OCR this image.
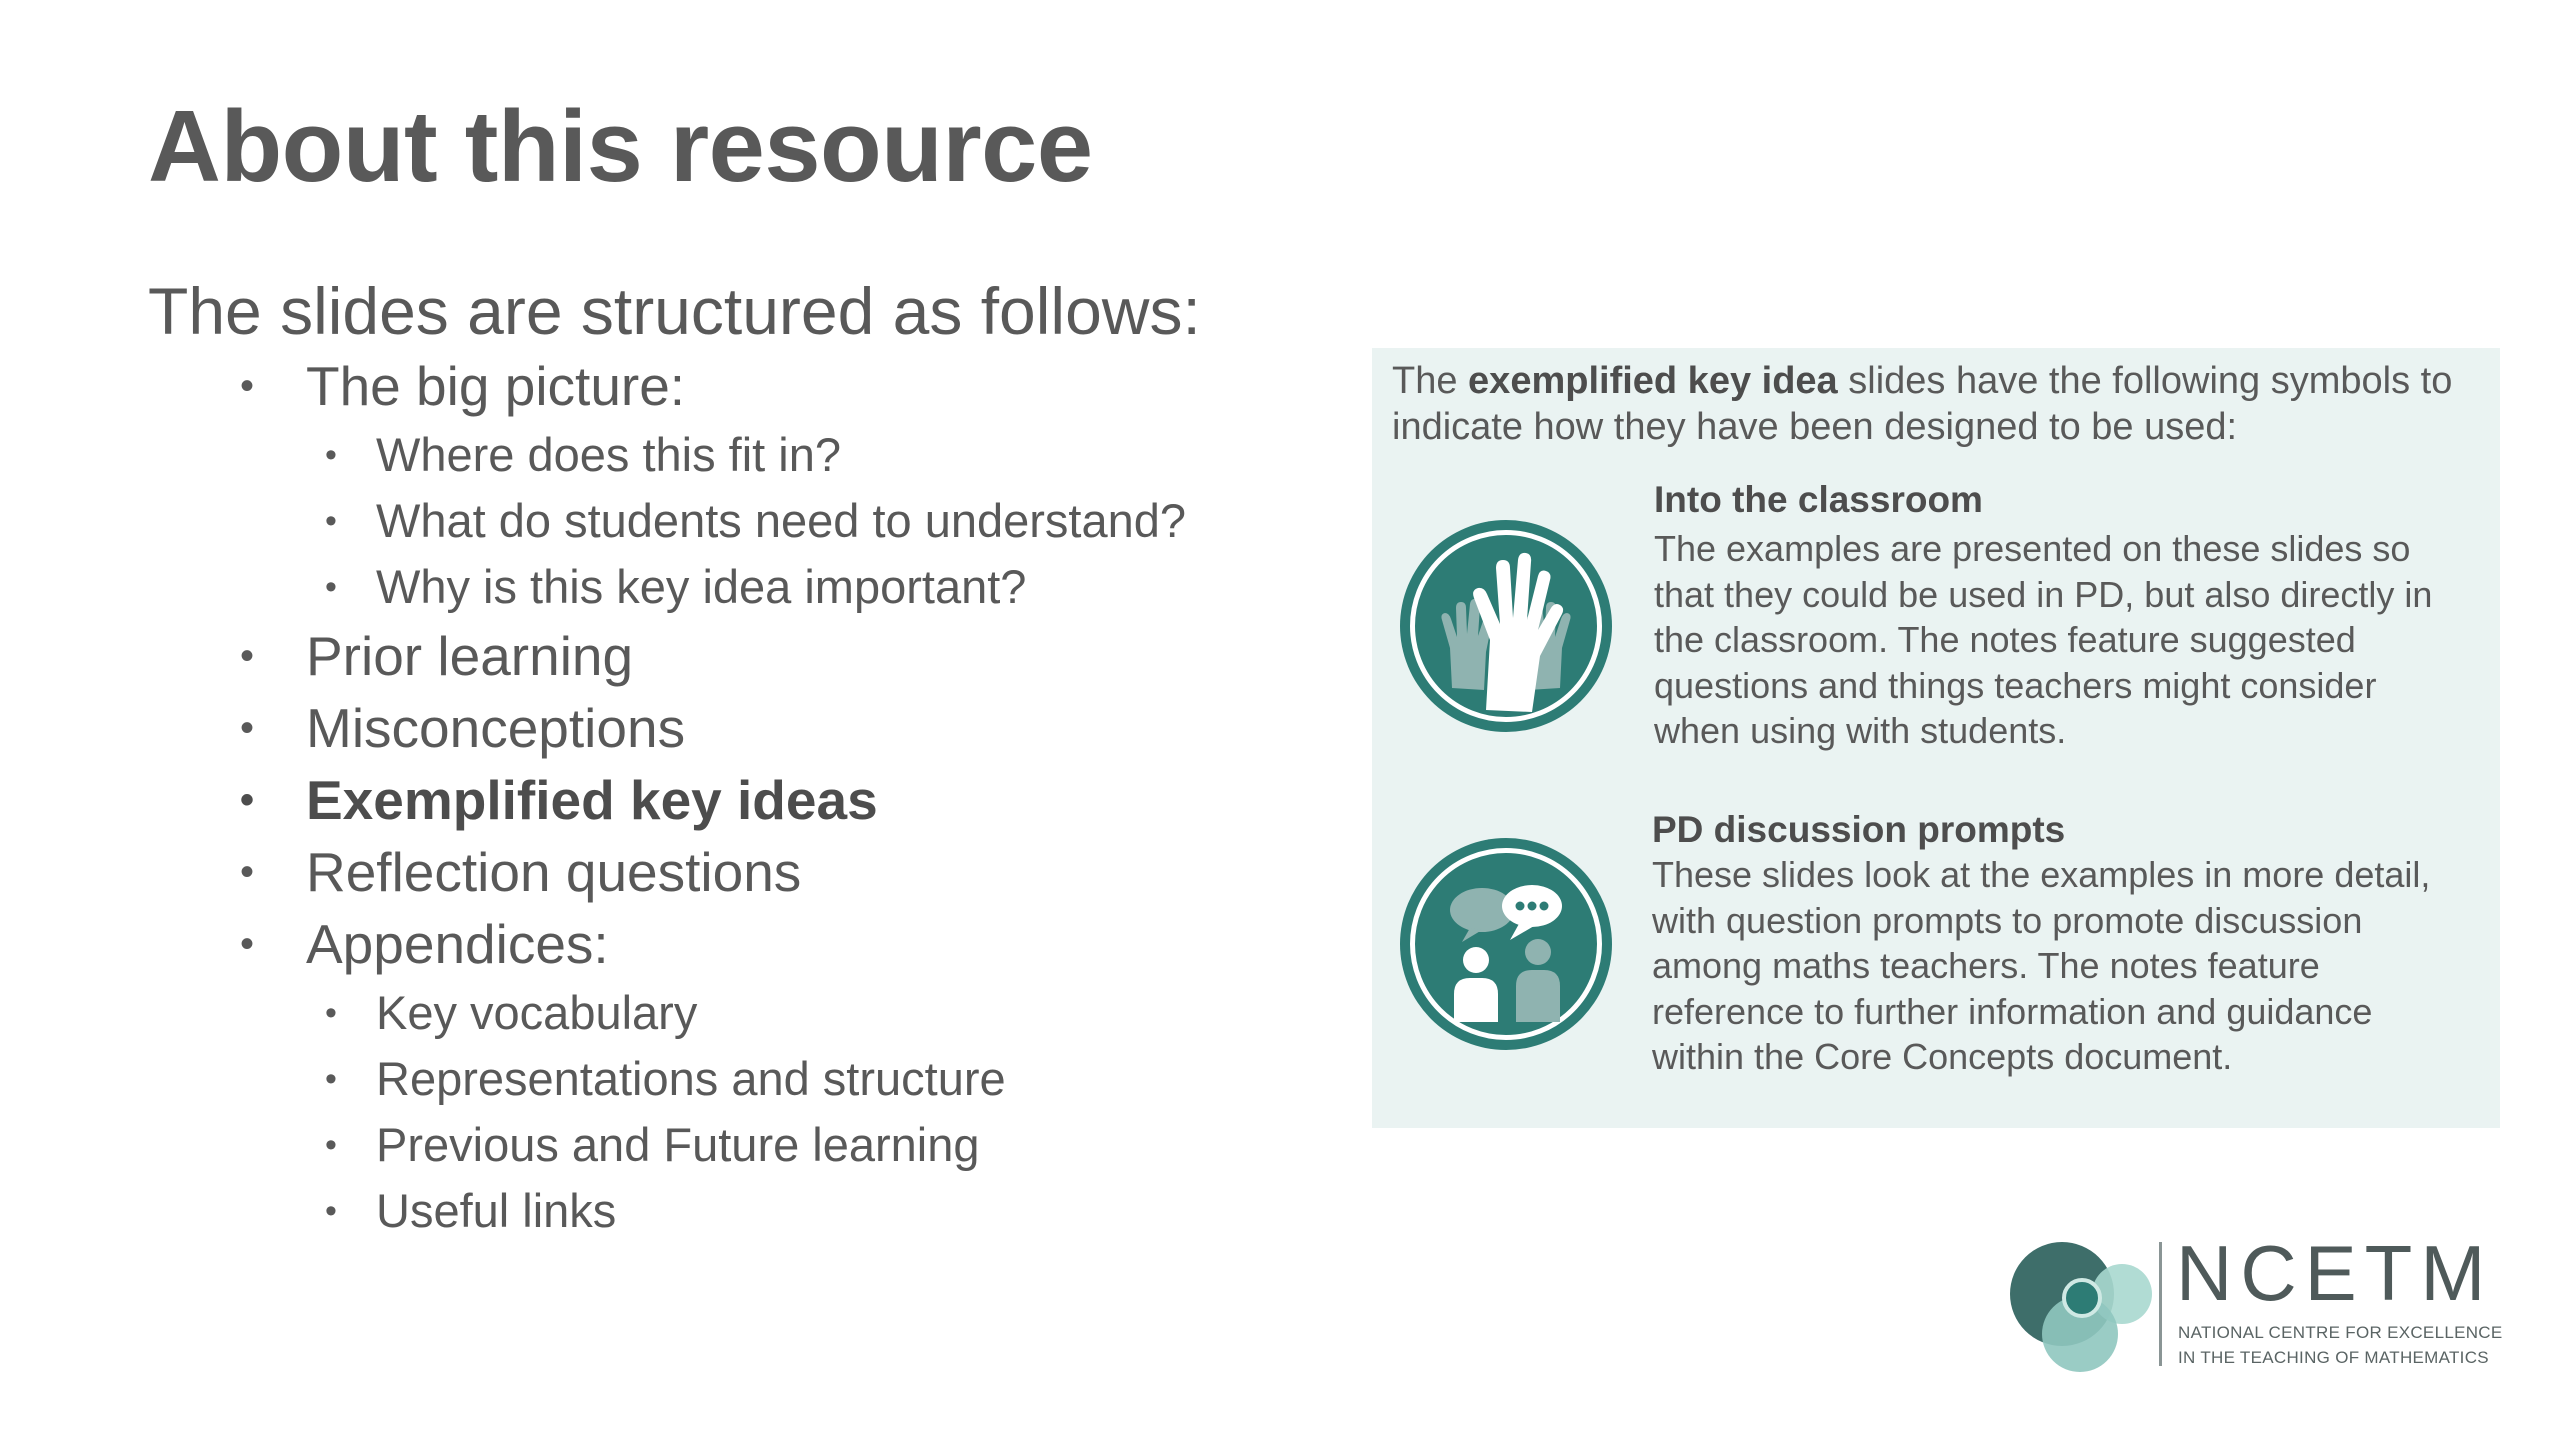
About this resource

The slides are structured as follows:

• The big picture:
• Where does this fit in?
• What do students need to understand?
• Why is this key idea important?
• Prior learning
• Misconceptions
• Exemplified key ideas
• Reflection questions
• Appendices:
• Key vocabulary
• Representations and structure
• Previous and Future learning
• Useful links

The exemplified key idea slides have the following symbols to indicate how they have been designed to be used:

Into the classroom

The examples are presented on these slides so that they could be used in PD, but also directly in the classroom. The notes feature suggested questions and things teachers might consider when using with students.

PD discussion prompts

These slides look at the examples in more detail, with question prompts to promote discussion among maths teachers. The notes feature reference to further information and guidance within the Core Concepts document.

NCETM
NATIONAL CENTRE FOR EXCELLENCE
IN THE TEACHING OF MATHEMATICS
